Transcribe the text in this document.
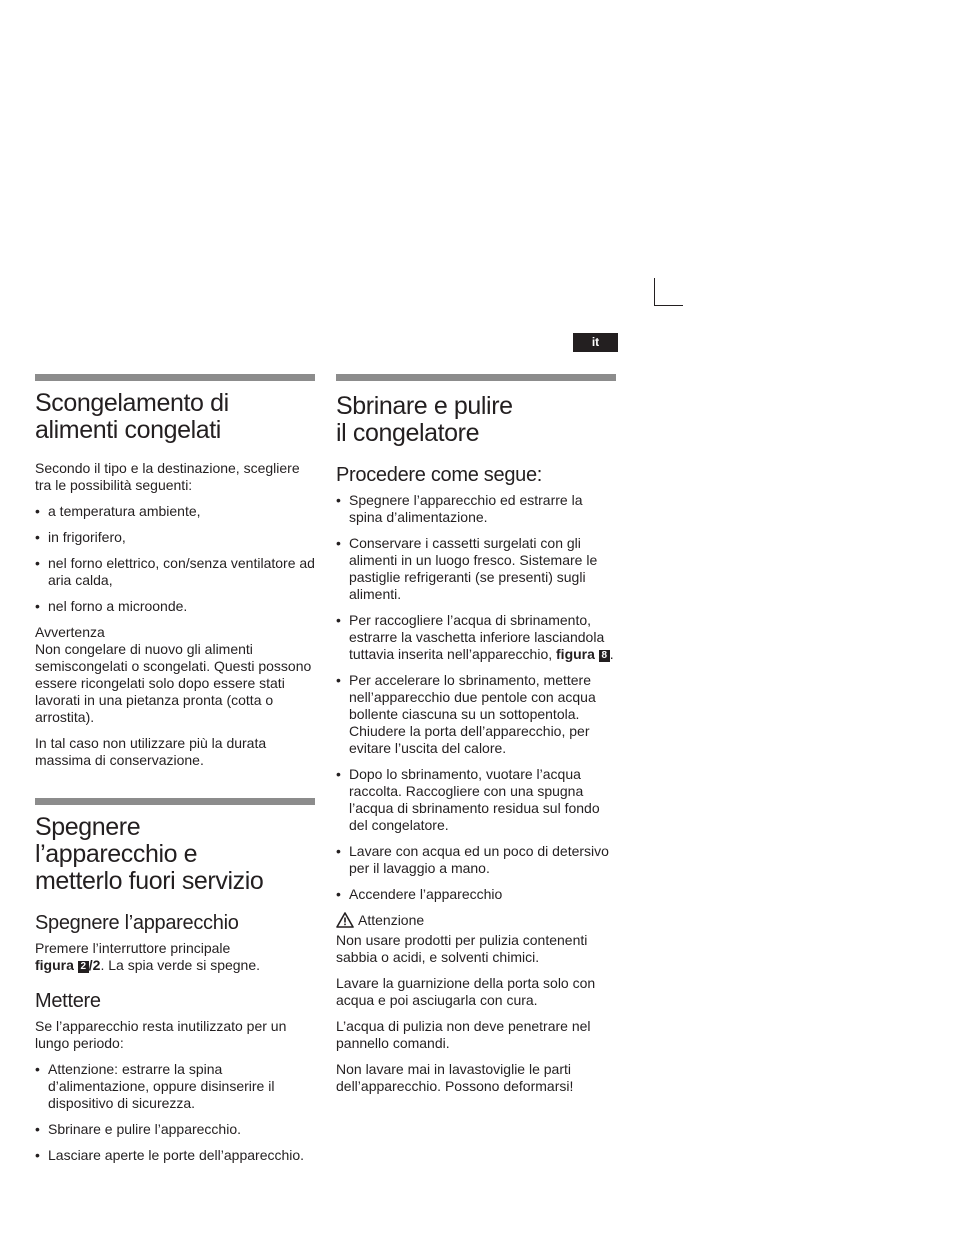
it
Scongelamento di
alimenti congelati

Secondo il tipo e la destinazione, scegliere tra le possibilità seguenti:

• a temperatura ambiente,
• in frigorifero,
• nel forno elettrico, con/senza ventilatore ad aria calda,
• nel forno a microonde.
Avvertenza

Non congelare di nuovo gli alimenti semiscongelati o scongelati. Questi possono essere ricongelati solo dopo essere stati lavorati in una pietanza pronta (cotta o arrostita).

In tal caso non utilizzare più la durata massima di conservazione.

Spegnere
l’apparecchio e
metterlo fuori servizio
Spegnere l’apparecchio

Premere l’interruttore principale
figura 2 /2. La spia verde si spegne.

Mettere

Se l’apparecchio resta inutilizzato per un lungo periodo:

• Attenzione: estrarre la spina d’alimentazione, oppure disinserire il dispositivo di sicurezza.
• Sbrinare e pulire l’apparecchio.
• Lasciare aperte le porte dell’apparecchio.
Sbrinare e pulire
il congelatore
Procedere come segue:
• Spegnere l’apparecchio ed estrarre la spina d’alimentazione.
• Conservare i cassetti surgelati con gli alimenti in un luogo fresco. Sistemare le pastiglie refrigeranti (se presenti) sugli alimenti.
• Per raccogliere l’acqua di sbrinamento, estrarre la vaschetta inferiore lasciandola tuttavia inserita nell’apparecchio, figura 8 .
• Per accelerare lo sbrinamento, mettere nell’apparecchio due pentole con acqua bollente ciascuna su un sottopentola. Chiudere la porta dell’apparecchio, per evitare l’uscita del calore.
• Dopo lo sbrinamento, vuotare l’acqua raccolta. Raccogliere con una spugna l’acqua di sbrinamento residua sul fondo del congelatore.
• Lavare con acqua ed un poco di detersivo per il lavaggio a mano.
• Accendere l’apparecchio
Attenzione

Non usare prodotti per pulizia contenenti sabbia o acidi, e solventi chimici.

Lavare la guarnizione della porta solo con acqua e poi asciugarla con cura.

L’acqua di pulizia non deve penetrare nel pannello comandi.

Non lavare mai in lavastoviglie le parti dell’apparecchio. Possono deformarsi!
